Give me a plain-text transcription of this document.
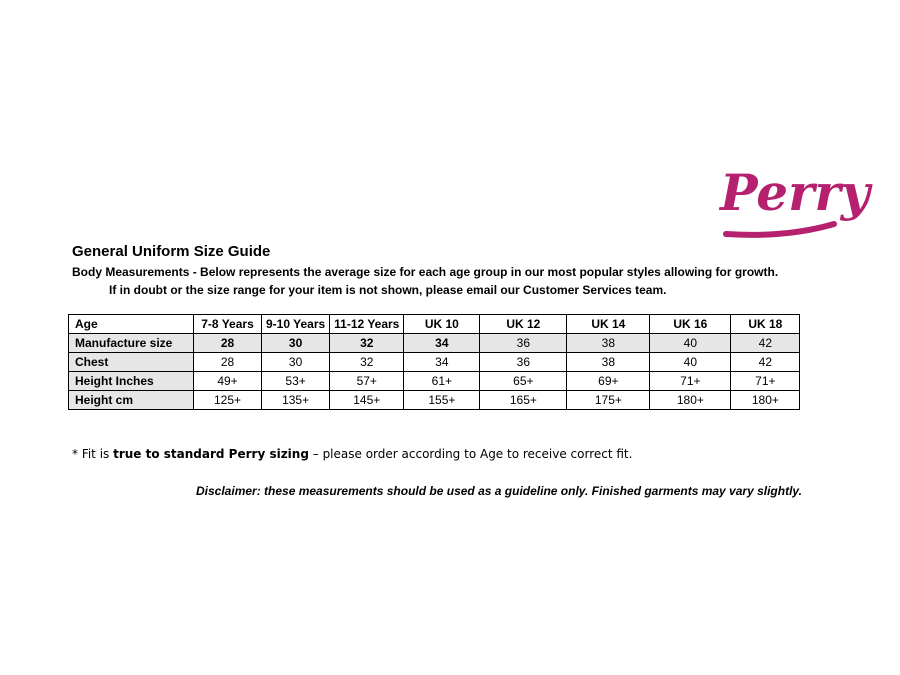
Perry
General Uniform Size Guide
Body Measurements - Below represents the average size for each age group in our most popular styles allowing for growth.
If in doubt or the size range for your item is not shown, please email our Customer Services team.
Age	7-8 Years	9-10 Years	11-12 Years	UK 10	UK 12	UK 14	UK 16	UK 18
Manufacture size	28	30	32	34	36	38	40	42
Chest	28	30	32	34	36	38	40	42
Height Inches	49+	53+	57+	61+	65+	69+	71+	71+
Height cm	125+	135+	145+	155+	165+	175+	180+	180+
* Fit is true to standard Perry sizing – please order according to Age to receive correct fit.
Disclaimer: these measurements should be used as a guideline only. Finished garments may vary slightly.
